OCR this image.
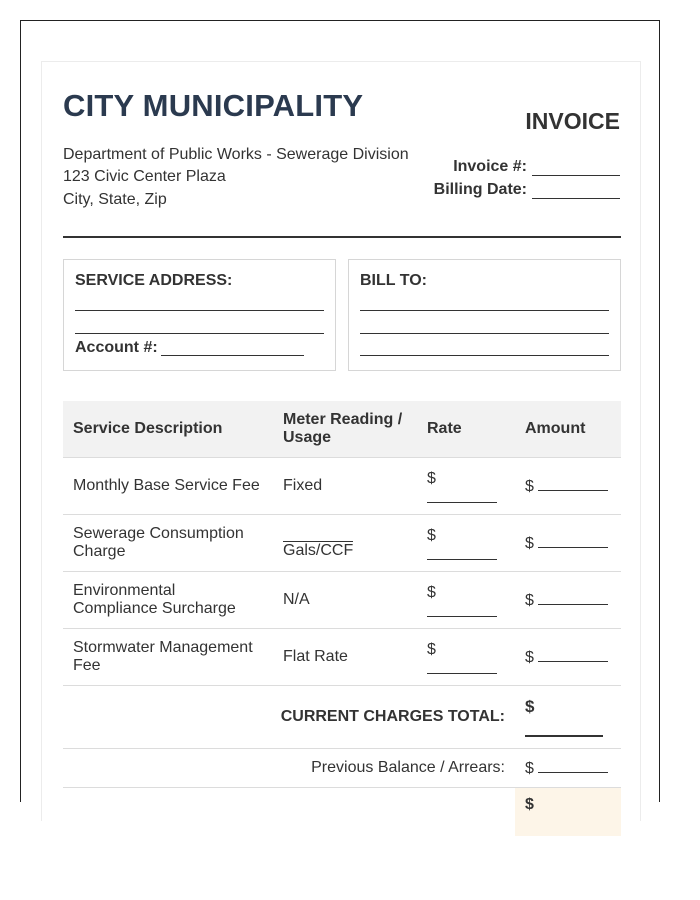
CITY MUNICIPALITY	INVOICE
Department of Public Works - Sewerage Division
123 Civic Center Plaza
City, State, Zip
Invoice #:
Billing Date:
SERVICE ADDRESS:
Account #:
BILL TO:
Service Description	Meter Reading / Usage	Rate	Amount
Monthly Base Service Fee	Fixed	$	$
Sewerage Consumption Charge	Gals/CCF	$	$
Environmental Compliance Surcharge	N/A	$	$
Stormwater Management Fee	Flat Rate	$	$
CURRENT CHARGES TOTAL:			$

Previous Balance / Arrears:			$
			$
